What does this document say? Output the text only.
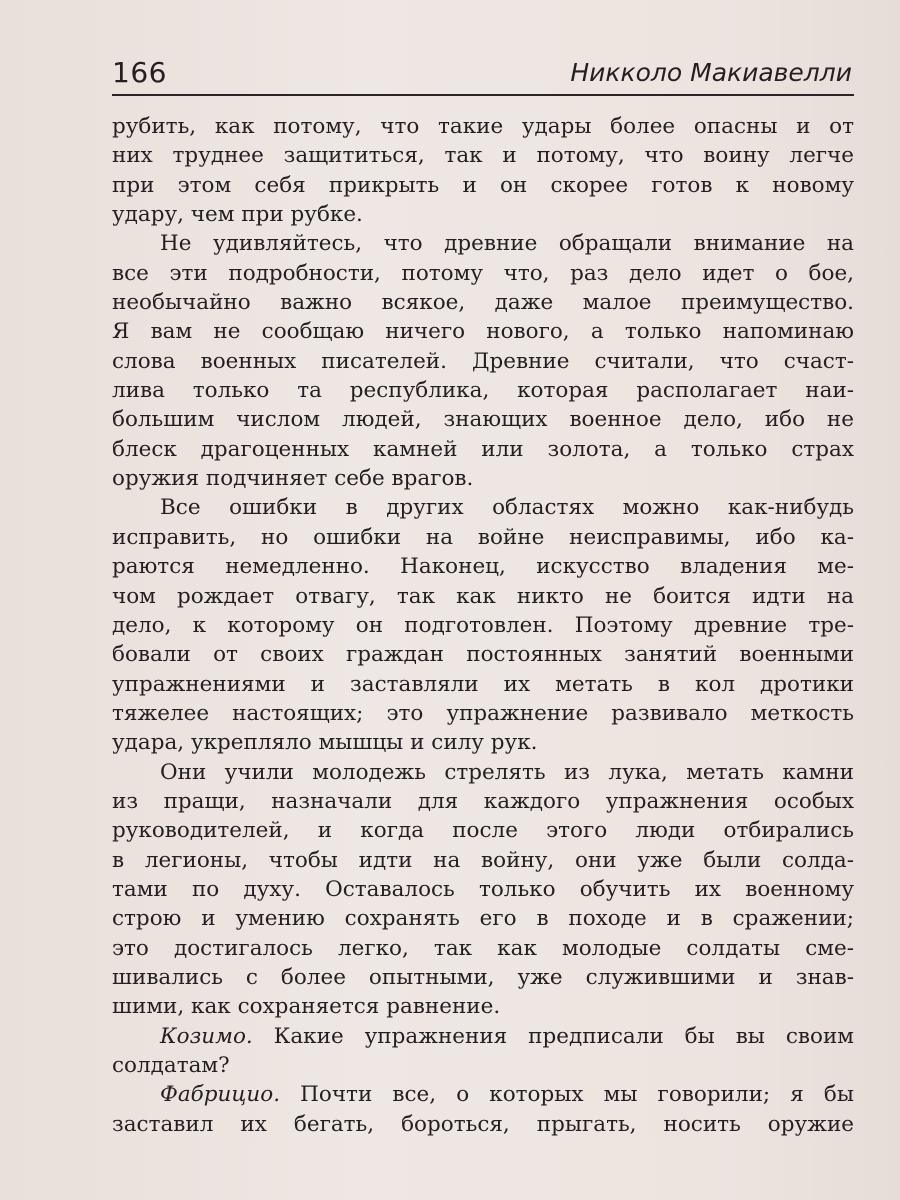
166	Никколо Макиавелли
рубить, как потому, что такие удары более опасны и от
них труднее защититься, так и потому, что воину легче
при этом себя прикрыть и он скорее готов к новому
удару, чем при рубке.
Не удивляйтесь, что древние обращали внимание на
все эти подробности, потому что, раз дело идет о бое,
необычайно важно всякое, даже малое преимущество.
Я вам не сообщаю ничего нового, а только напоминаю
слова военных писателей. Древние считали, что счаст-
лива только та республика, которая располагает наи-
большим числом людей, знающих военное дело, ибо не
блеск драгоценных камней или золота, а только страх
оружия подчиняет себе врагов.
Все ошибки в других областях можно как-нибудь
исправить, но ошибки на войне неисправимы, ибо ка-
раются немедленно. Наконец, искусство владения ме-
чом рождает отвагу, так как никто не боится идти на
дело, к которому он подготовлен. Поэтому древние тре-
бовали от своих граждан постоянных занятий военными
упражнениями и заставляли их метать в кол дротики
тяжелее настоящих; это упражнение развивало меткость
удара, укрепляло мышцы и силу рук.
Они учили молодежь стрелять из лука, метать камни
из пращи, назначали для каждого упражнения особых
руководителей, и когда после этого люди отбирались
в легионы, чтобы идти на войну, они уже были солда-
тами по духу. Оставалось только обучить их военному
строю и умению сохранять его в походе и в сражении;
это достигалось легко, так как молодые солдаты сме-
шивались с более опытными, уже служившими и знав-
шими, как сохраняется равнение.
Козимо. Какие упражнения предписали бы вы своим
солдатам?
Фабрицио. Почти все, о которых мы говорили; я бы
заставил их бегать, бороться, прыгать, носить оружие
